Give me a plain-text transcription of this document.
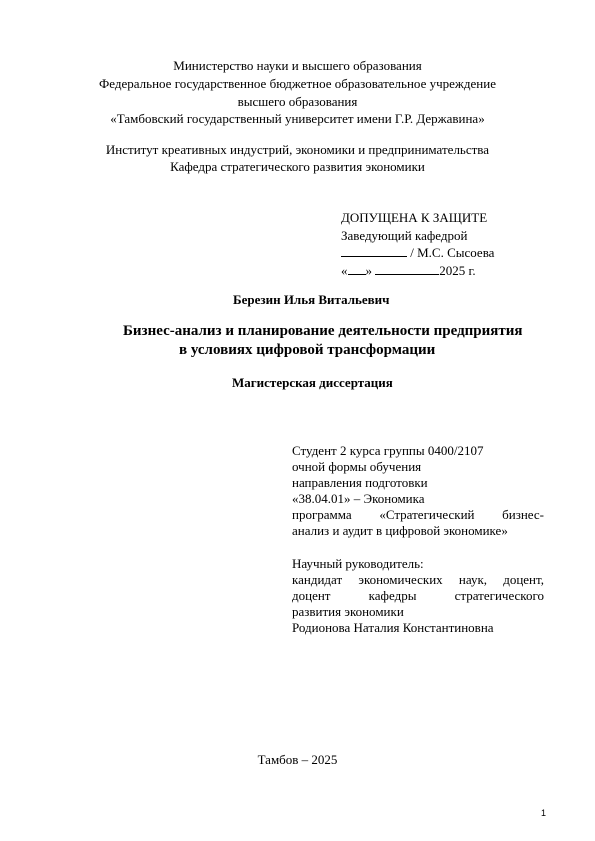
Министерство науки и высшего образования
Федеральное государственное бюджетное образовательное учреждение
высшего образования
«Тамбовский государственный университет имени Г.Р. Державина»
Институт креативных индустрий, экономики и предпринимательства
Кафедра стратегического развития экономики
ДОПУЩЕНА К ЗАЩИТЕ
Заведующий кафедрой
/ М.С. Сысоева
« »	2025 г.
Березин Илья Витальевич
Бизнес-анализ и планирование деятельности предприятия
в условиях цифровой трансформации
Магистерская диссертация
Студент 2 курса группы 0400/2107
очной формы обучения
направления подготовки
«38.04.01» – Экономика
программа «Стратегический бизнес-
анализ и аудит в цифровой экономике»
Научный руководитель:
кандидат экономических наук, доцент,
доцент	кафедры	стратегического
развития экономики
Родионова Наталия Константиновна
Тамбов – 2025
1
